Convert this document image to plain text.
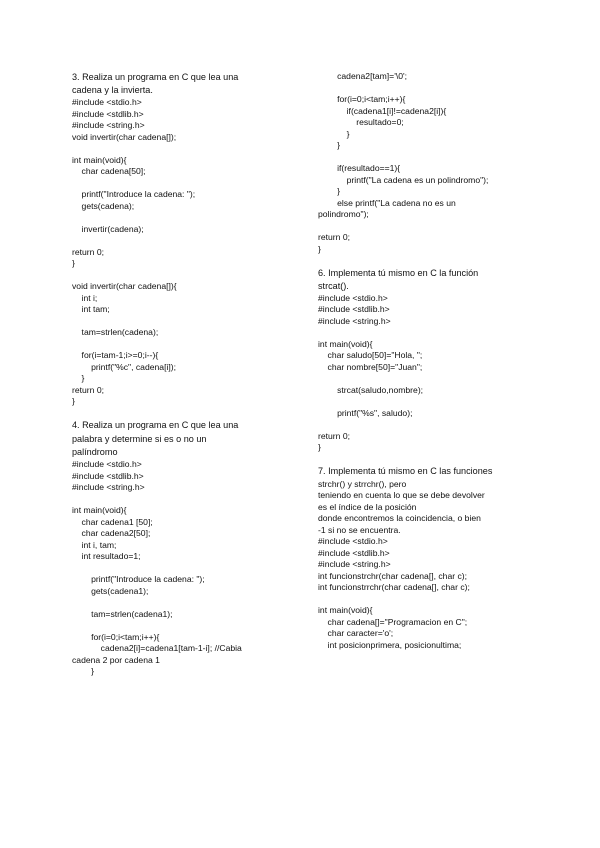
3. Realiza un programa en C que lea una
cadena y la invierta.
#include <stdio.h>
#include <stdlib.h>
#include <string.h>
void invertir(char cadena[]);
int main(void){
char cadena[50];
printf("Introduce la cadena: ");
gets(cadena);
invertir(cadena);
return 0;
}
void invertir(char cadena[]){
int i;
int tam;
tam=strlen(cadena);
for(i=tam-1;i>=0;i--){
printf("%c", cadena[i]);
}
return 0;
}
4. Realiza un programa en C que lea una
palabra y determine si es o no un
palíndromo
#include <stdio.h>
#include <stdlib.h>
#include <string.h>
int main(void){
char cadena1 [50];
char cadena2[50];
int i, tam;
int resultado=1;
printf("Introduce la cadena: ");
gets(cadena1);
tam=strlen(cadena1);
for(i=0;i<tam;i++){
cadena2[i]=cadena1[tam-1-i]; //Cabia
cadena 2 por cadena 1
}
cadena2[tam]='\0';
for(i=0;i<tam;i++){
if(cadena1[i]!=cadena2[i]){
resultado=0;
}
}
if(resultado==1){
printf("La cadena es un polindromo");
}
else printf("La cadena no es un
polindromo");
return 0;
}
6. Implementa tú mismo en C la función
strcat().
#include <stdio.h>
#include <stdlib.h>
#include <string.h>
int main(void){
char saludo[50]="Hola, ";
char nombre[50]="Juan";
strcat(saludo,nombre);
printf("%s", saludo);
return 0;
}
7. Implementa tú mismo en C las funciones
strchr() y strrchr(), pero
teniendo en cuenta lo que se debe devolver
es el índice de la posición
donde encontremos la coincidencia, o bien
-1 si no se encuentra.
#include <stdio.h>
#include <stdlib.h>
#include <string.h>
int funcionstrchr(char cadena[], char c);
int funcionstrrchr(char cadena[], char c);
int main(void){
char cadena[]="Programacion en C";
char caracter='o';
int posicionprimera, posicionultima;
